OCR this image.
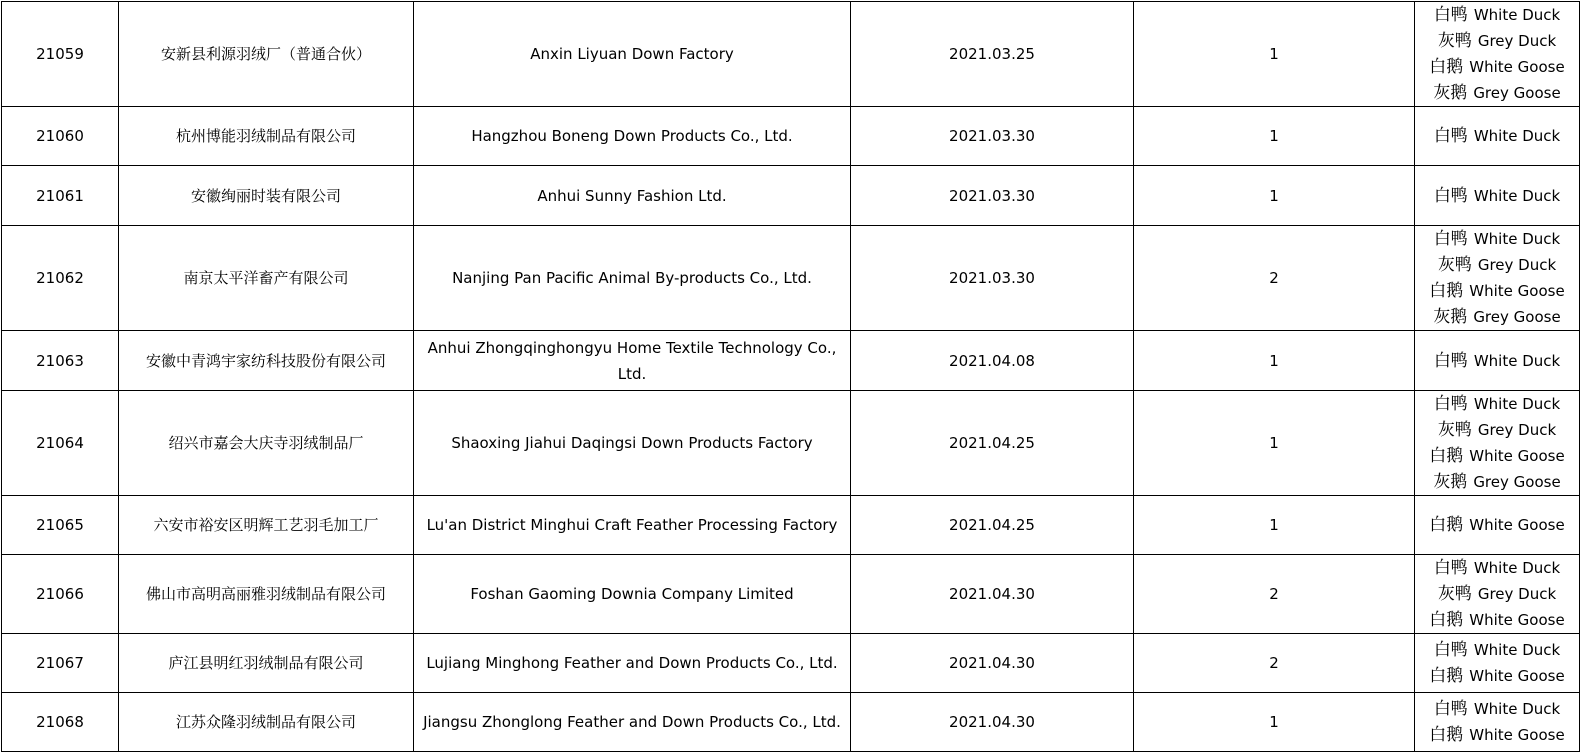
21059	安新县利源羽绒厂（普通合伙）	Anxin Liyuan Down Factory	2021.03.25	1	白鸭 White Duck
灰鸭 Grey Duck
白鹅 White Goose
灰鹅 Grey Goose

21060	杭州博能羽绒制品有限公司	Hangzhou Boneng Down Products Co., Ltd.	2021.03.30	1	白鸭 White Duck

21061	安徽绚丽时装有限公司	Anhui Sunny Fashion Ltd.	2021.03.30	1	白鸭 White Duck

21062	南京太平洋畜产有限公司	Nanjing Pan Pacific Animal By-products Co., Ltd.	2021.03.30	2	白鸭 White Duck
灰鸭 Grey Duck
白鹅 White Goose
灰鹅 Grey Goose

21063	安徽中青鸿宇家纺科技股份有限公司	Anhui Zhongqinghongyu Home Textile Technology Co., Ltd.	2021.04.08	1	白鸭 White Duck

21064	绍兴市嘉会大庆寺羽绒制品厂	Shaoxing Jiahui Daqingsi Down Products Factory	2021.04.25	1	白鸭 White Duck
灰鸭 Grey Duck
白鹅 White Goose
灰鹅 Grey Goose

21065	六安市裕安区明辉工艺羽毛加工厂	Lu'an District Minghui Craft Feather Processing Factory	2021.04.25	1	白鹅 White Goose

21066	佛山市高明高丽雅羽绒制品有限公司	Foshan Gaoming Downia Company Limited	2021.04.30	2	白鸭 White Duck
灰鸭 Grey Duck
白鹅 White Goose

21067	庐江县明红羽绒制品有限公司	Lujiang Minghong Feather and Down Products Co., Ltd.	2021.04.30	2	白鸭 White Duck
白鹅 White Goose

21068	江苏众隆羽绒制品有限公司	Jiangsu Zhonglong Feather and Down Products Co., Ltd.	2021.04.30	1	白鸭 White Duck
白鹅 White Goose
